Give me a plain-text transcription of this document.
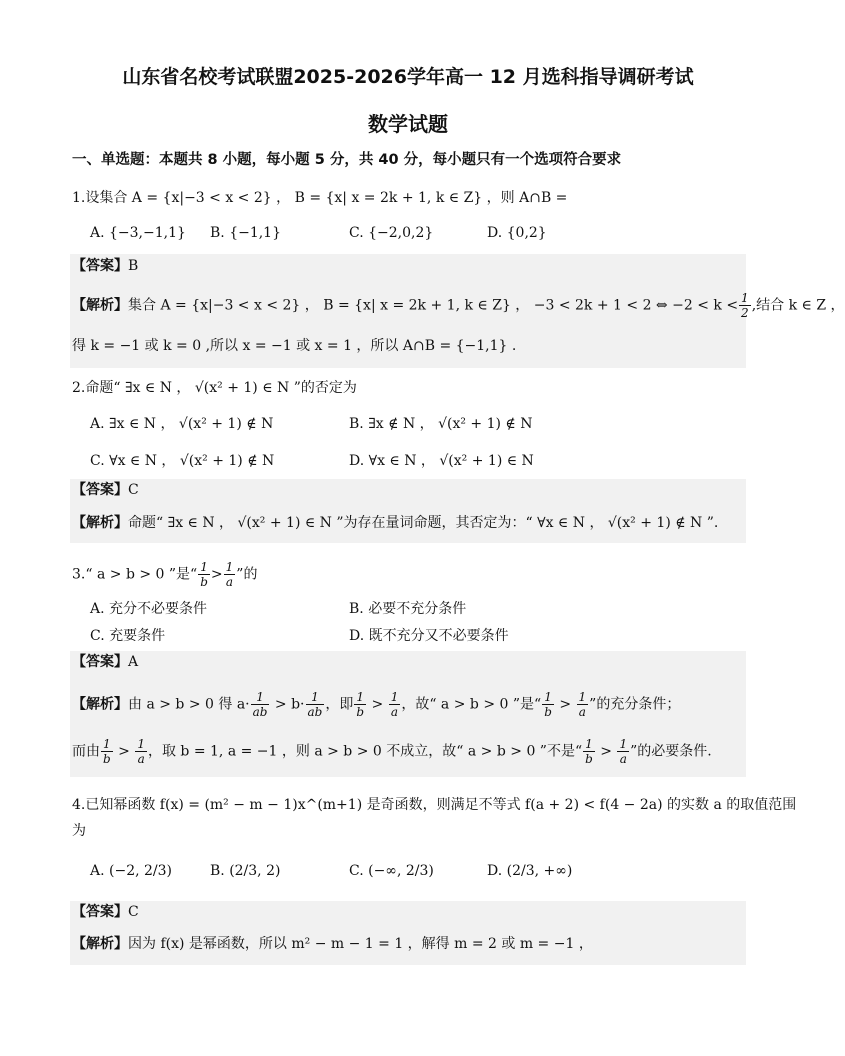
山东省名校考试联盟2025-2026学年高一 12 月选科指导调研考试
数学试题
一、单选题：本题共 8 小题，每小题 5 分，共 40 分，每小题只有一个选项符合要求
1.设集合 A = {x|−3 < x < 2} ， B = {x| x = 2k + 1, k ∈ Z} ，则 A∩B =
A. {−3,−1,1} B. {−1,1}	C. {−2,0,2}	D. {0,2}
【答案】B
【解析】集合 A = {x|−3 < x < 2} ， B = {x| x = 2k + 1, k ∈ Z} ， −3 < 2k + 1 < 2 ⇔ $-2 < k < \frac{1}{2}$ ,结合 k ∈ Z ，
得 k = −1 或 k = 0 ,所以 x = −1 或 x = 1 ，所以 A∩B = {−1,1} .
2.命题“ ∃x ∈ N ， √(x² + 1) ∈ N ”的否定为
A. ∃x ∈ N ， √(x² + 1) ∉ N	B. ∃x ∉ N ， √(x² + 1) ∉ N
C. ∀x ∈ N ， √(x² + 1) ∉ N	D. ∀x ∈ N ， √(x² + 1) ∈ N
【答案】C
【解析】命题“ ∃x ∈ N ， √(x² + 1) ∈ N ”为存在量词命题，其否定为：“ ∀x ∈ N ， √(x² + 1) ∉ N ”.
3.“ a > b > 0 ”是“ $\frac{1}{b} > \frac{1}{a}$ ”的
A. 充分不必要条件	B. 必要不充分条件
C. 充要条件	D. 既不充分又不必要条件
【答案】A
【解析】由 a > b > 0 得 $a\cdot \frac{1}{ab} > b\cdot \frac{1}{ab}$ ，即 $\frac{1}{b} > \frac{1}{a}$ ，故“ a > b > 0 ”是“ $\frac{1}{b} > \frac{1}{a}$ ”的充分条件；
而由 $\frac{1}{b} > \frac{1}{a}$ ，取 b = 1, a = −1 ，则 a > b > 0 不成立，故“ a > b > 0 ”不是“ $\frac{1}{b} > \frac{1}{a}$ ”的必要条件.
4.已知幂函数 f(x) = (m² − m − 1)x^(m+1) 是奇函数，则满足不等式 f(a + 2) < f(4 − 2a) 的实数 a 的取值范围
为
A. (−2, 2/3)	B. (2/3, 2)	C. (−∞, 2/3)	D. (2/3, +∞)
【答案】C
【解析】因为 f(x) 是幂函数，所以 m² − m − 1 = 1 ，解得 m = 2 或 m = −1 ，
